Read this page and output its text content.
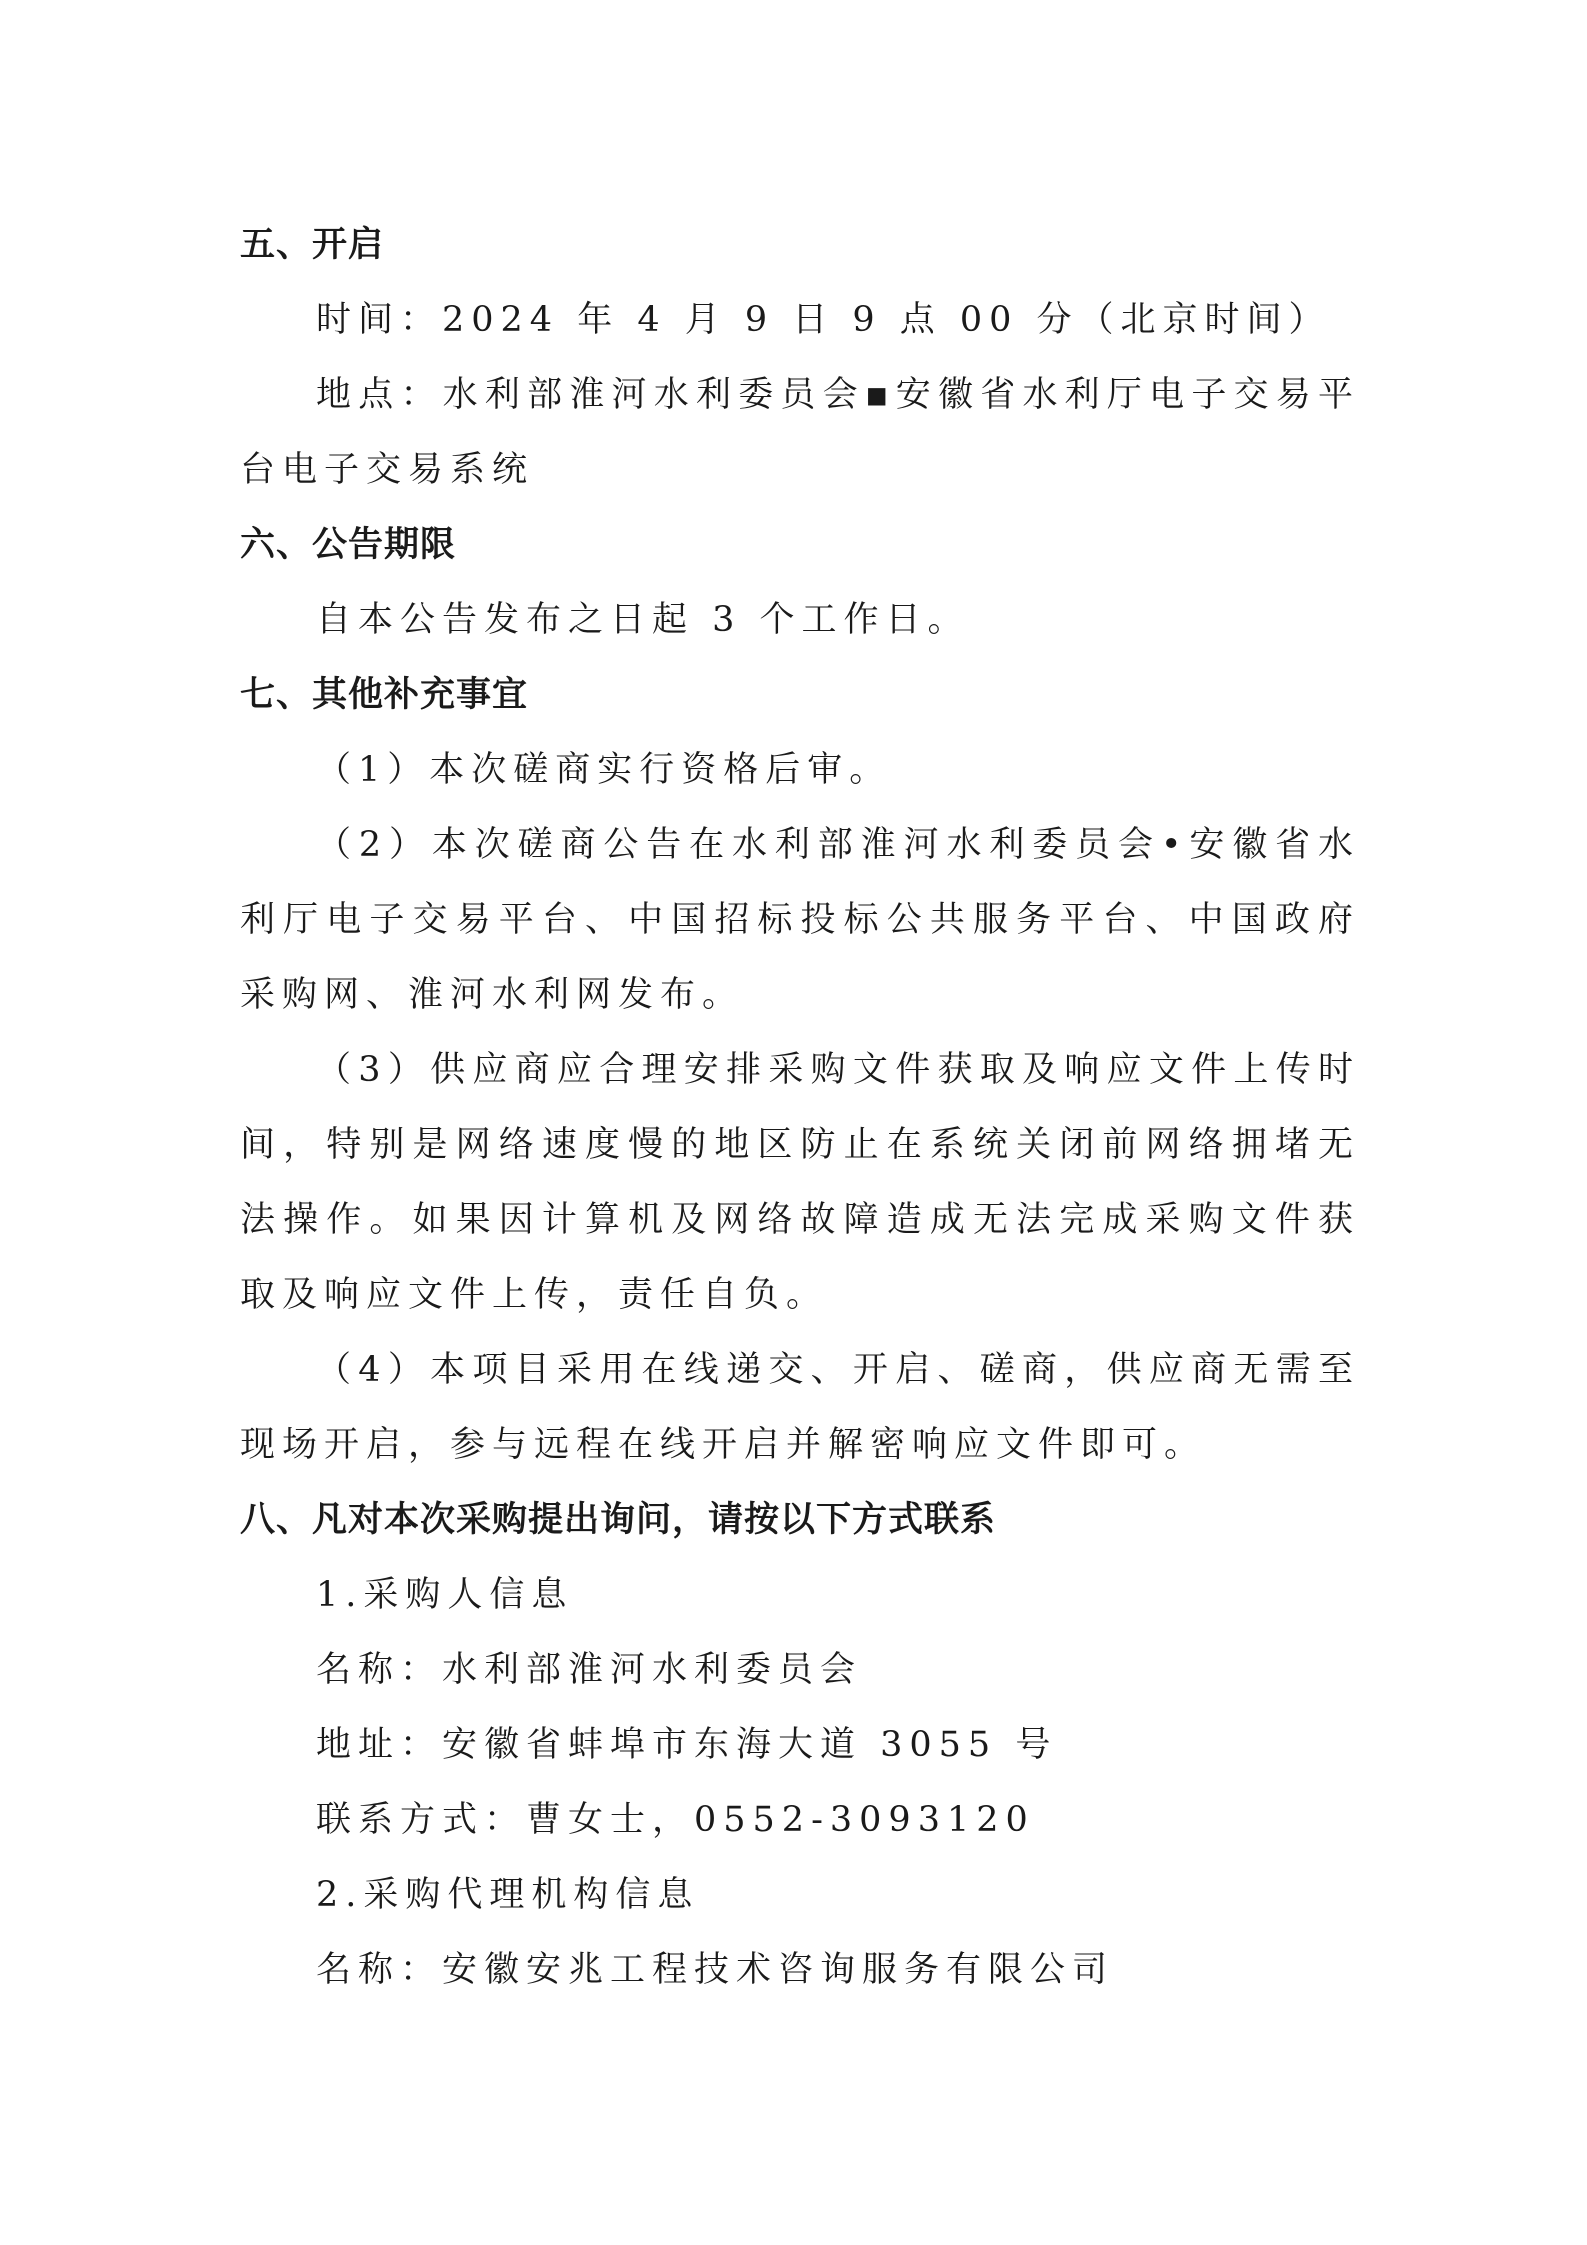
五、开启

时间：2024 年 4 月 9 日 9 点 00 分（北京时间）

地点：水利部淮河水利委员会▪安徽省水利厅电子交易平台电子交易系统

六、公告期限

自本公告发布之日起 3 个工作日。

七、其他补充事宜

（1）本次磋商实行资格后审。

（2）本次磋商公告在水利部淮河水利委员会•安徽省水利厅电子交易平台、中国招标投标公共服务平台、中国政府采购网、淮河水利网发布。

（3）供应商应合理安排采购文件获取及响应文件上传时间，特别是网络速度慢的地区防止在系统关闭前网络拥堵无法操作。如果因计算机及网络故障造成无法完成采购文件获取及响应文件上传，责任自负。

（4）本项目采用在线递交、开启、磋商，供应商无需至现场开启，参与远程在线开启并解密响应文件即可。

八、凡对本次采购提出询问，请按以下方式联系
1.采购人信息
名称：水利部淮河水利委员会
地址：安徽省蚌埠市东海大道 3055 号
联系方式：曹女士，0552-3093120
2.采购代理机构信息
名称：安徽安兆工程技术咨询服务有限公司
